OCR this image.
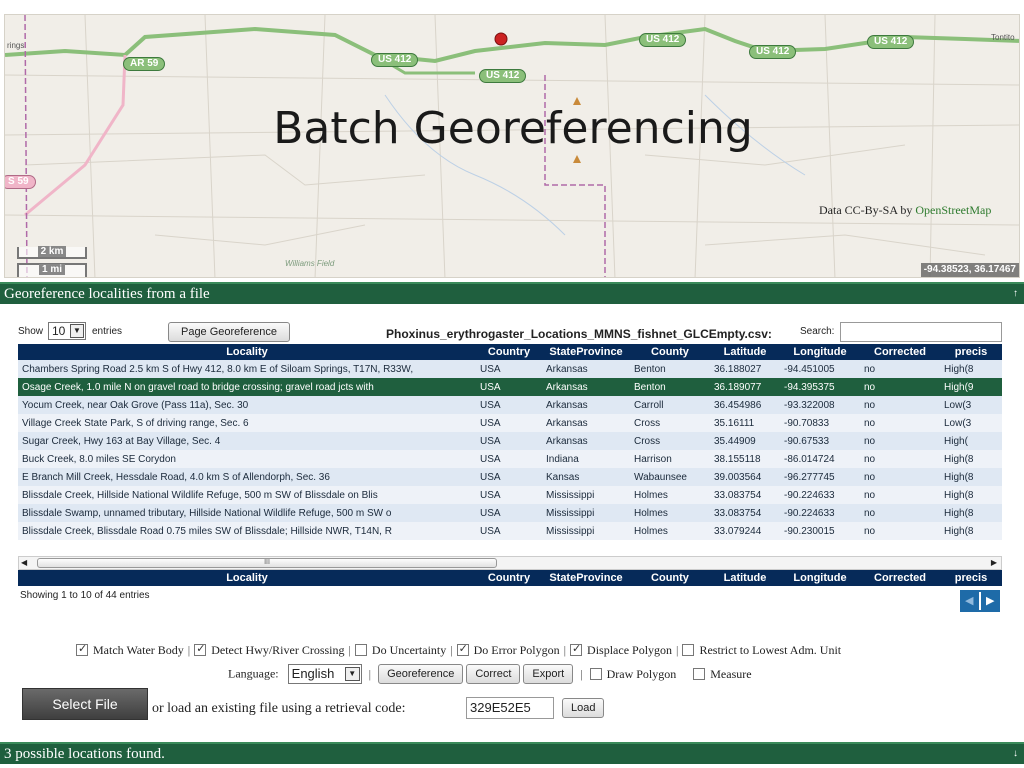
AR 59	US 412
US 412
US 412
US 412
US 412
S 59
rings
Tontito
Batch Georeferencing
Data CC-By-SA by OpenStreetMap
Williams Field
2 km
1 mi	-94.38523, 36.17467
Georeference localities from a file	↑
Show 10 ▼	entries	Page Georeference	Phoxinus_erythrogaster_Locations_MMNS_fishnet_GLCEmpty.csv:	Search:
Locality	Country	StateProvince	County	Latitude	Longitude	Corrected	precis
Chambers Spring Road 2.5 km S of Hwy 412, 8.0 km E of Siloam Springs, T17N, R33W,	USA	Arkansas	Benton	36.188027	-94.451005	no	High(8
Osage Creek, 1.0 mile N on gravel road to bridge crossing; gravel road jcts with	USA	Arkansas	Benton	36.189077	-94.395375	no	High(9
Yocum Creek, near Oak Grove (Pass 11a), Sec. 30	USA	Arkansas	Carroll	36.454986	-93.322008	no	Low(3
Village Creek State Park, S of driving range, Sec. 6	USA	Arkansas	Cross	35.16111	-90.70833	no	Low(3
Sugar Creek, Hwy 163 at Bay Village, Sec. 4	USA	Arkansas	Cross	35.44909	-90.67533	no	High(
Buck Creek, 8.0 miles SE Corydon	USA	Indiana	Harrison	38.155118	-86.014724	no	High(8
E Branch Mill Creek, Hessdale Road, 4.0 km S of Allendorph, Sec. 36	USA	Kansas	Wabaunsee	39.003564	-96.277745	no	High(8
Blissdale Creek, Hillside National Wildlife Refuge, 500 m SW of Blissdale on Blis	USA	Mississippi	Holmes	33.083754	-90.224633	no	High(8
Blissdale Swamp, unnamed tributary, Hillside National Wildlife Refuge, 500 m SW o	USA	Mississippi	Holmes	33.083754	-90.224633	no	High(8
Blissdale Creek, Blissdale Road 0.75 miles SW of Blissdale; Hillside NWR, T14N, R	USA	Mississippi	Holmes	33.079244	-90.230015	no	High(8
◀	III	▶
Locality	Country	StateProvince	County	Latitude	Longitude	Corrected	precis
Showing 1 to 10 of 44 entries	◀ ▶
✓Match Water Body | ✓ Detect Hwy/River Crossing | Do Uncertainty | ✓ Do Error Polygon | ✓ Displace Polygon | Restrict to Lowest Adm. Unit
Language: English	▼ | Georeference Correct Export | Draw Polygon	Measure
Select File	or load an existing file using a retrieval code:	329E52E5	Load
3 possible locations found.	↓
